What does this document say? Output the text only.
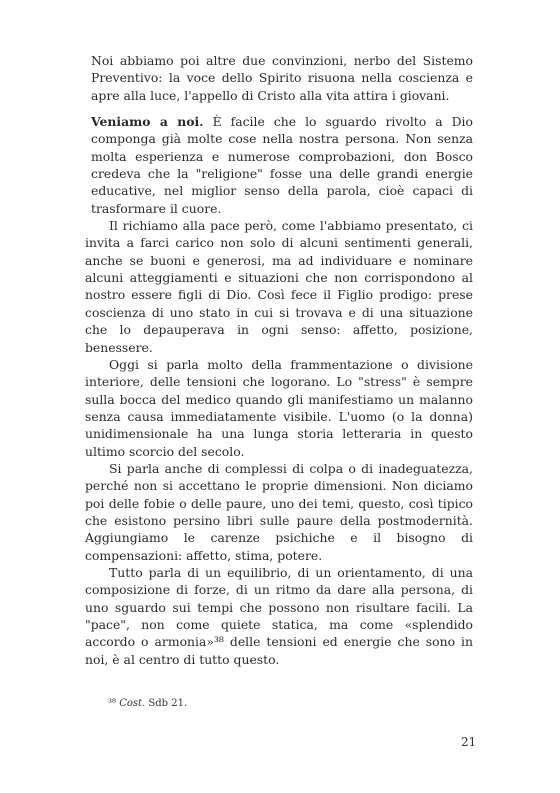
Noi abbiamo poi altre due convinzioni, nerbo del Sistemo Preventivo: la voce dello Spirito risuona nella coscienza e apre alla luce, l'appello di Cristo alla vita attira i giovani.

Veniamo a noi. È facile che lo sguardo rivolto a Dio componga già molte cose nella nostra persona. Non senza molta esperienza e numerose comprobazioni, don Bosco credeva che la "religione" fosse una delle grandi energie educative, nel miglior senso della parola, cioè capaci di trasformare il cuore.

Il richiamo alla pace però, come l'abbiamo presentato, ci invita a farci carico non solo di alcuni sentimenti generali, anche se buoni e generosi, ma ad individuare e nominare alcuni atteggiamenti e situazioni che non corrispondono al nostro essere figli di Dio. Così fece il Figlio prodigo: prese coscienza di uno stato in cui si trovava e di una situazione che lo depauperava in ogni senso: affetto, posizione, benessere.

Oggi si parla molto della frammentazione o divisione interiore, delle tensioni che logorano. Lo "stress" è sempre sulla bocca del medico quando gli manifestiamo un malanno senza causa immediatamente visibile. L'uomo (o la donna) unidimensionale ha una lunga storia letteraria in questo ultimo scorcio del secolo.

Si parla anche di complessi di colpa o di inadeguatezza, perché non si accettano le proprie dimensioni. Non diciamo poi delle fobie o delle paure, uno dei temi, questo, così tipico che esistono persino libri sulle paure della postmodernità. Aggiungiamo le carenze psichiche e il bisogno di compensazioni: affetto, stima, potere.

Tutto parla di un equilibrio, di un orientamento, di una composizione di forze, di un ritmo da dare alla persona, di uno sguardo sui tempi che possono non risultare facili. La "pace", non come quiete statica, ma come «splendido accordo o armonia»³⁸ delle tensioni ed energie che sono in noi, è al centro di tutto questo.

³⁸ Cost. Sdb 21.
21
